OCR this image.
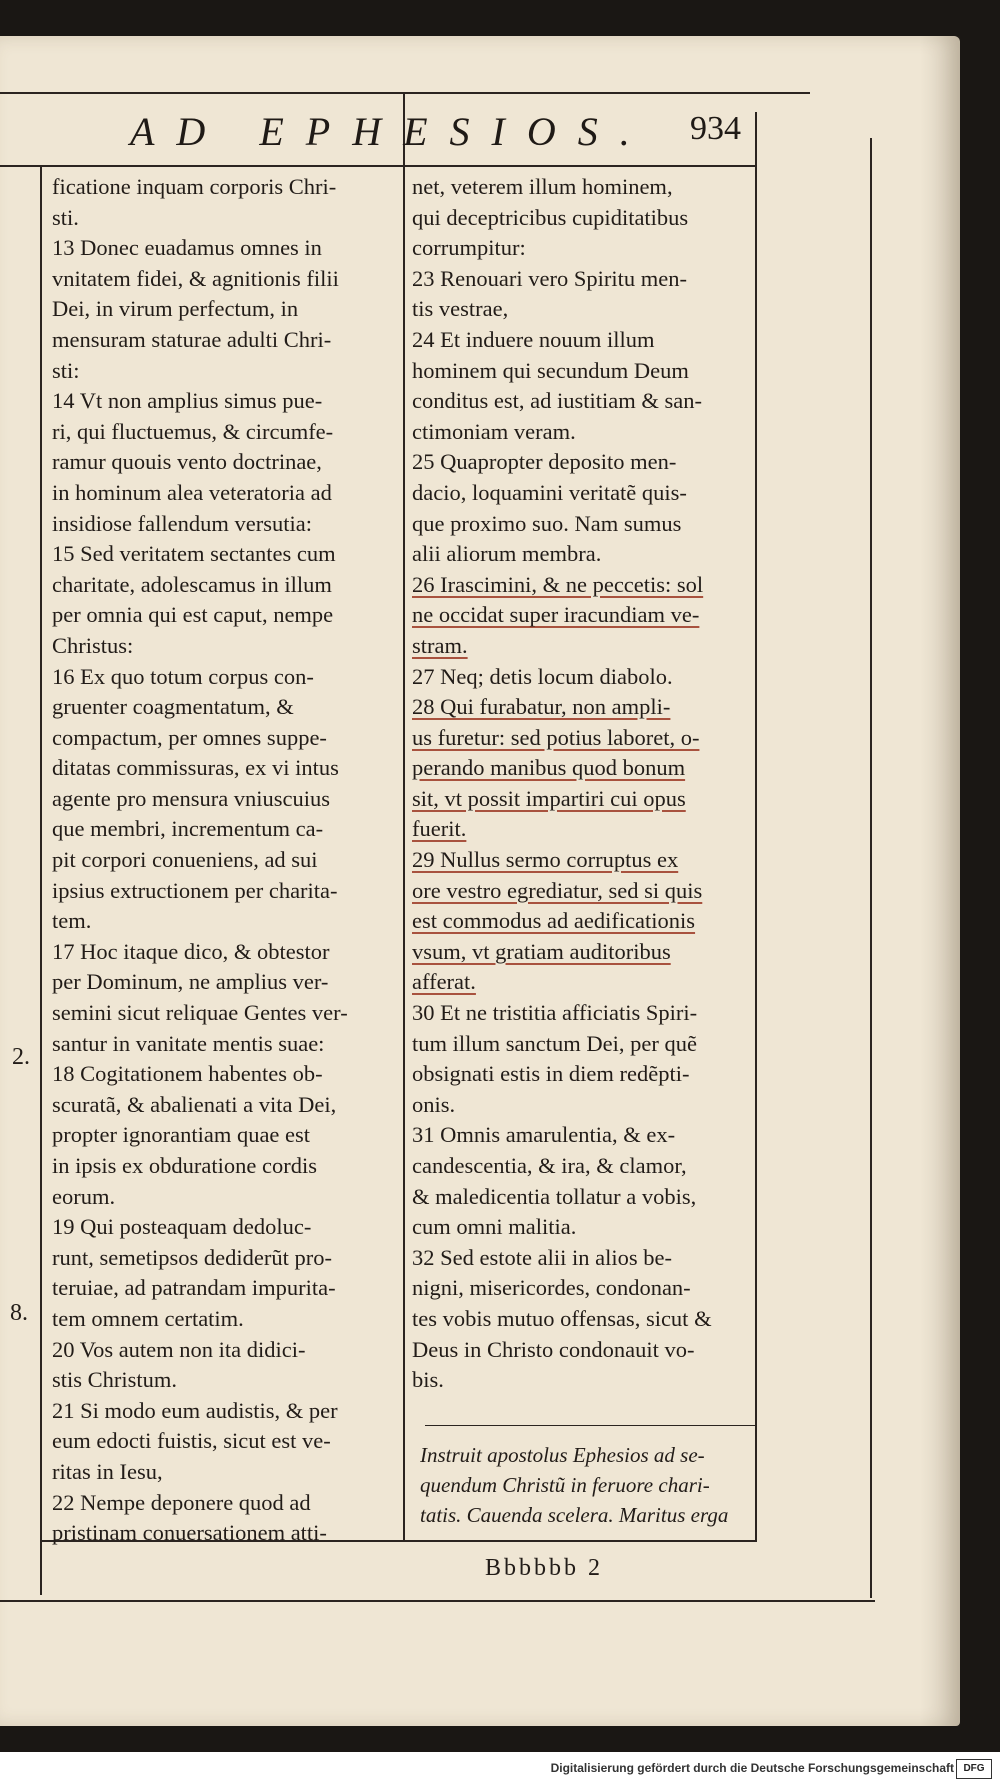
AD EPHESIOS. 934
ficatione inquam corporis Chri-
sti.
13 Donec euadamus omnes in
vnitatem fidei, & agnitionis filii
Dei, in virum perfectum, in
mensuram staturae adulti Chri-
sti:
14 Vt non amplius simus pue-
ri, qui fluctuemus, & circumfe-
ramur quouis vento doctrinae,
in hominum alea veteratoria ad
insidiose fallendum versutia:
15 Sed veritatem sectantes cum
charitate, adolescamus in illum
per omnia qui est caput, nempe
Christus:
16 Ex quo totum corpus con-
gruenter coagmentatum, &
compactum, per omnes suppe-
ditatas commissuras, ex vi intus
agente pro mensura vniuscuius
que membri, incrementum ca-
pit corpori conueniens, ad sui
ipsius extructionem per charita-
tem.
17 Hoc itaque dico, & obtestor
per Dominum, ne amplius ver-
semini sicut reliquae Gentes ver-
santur in vanitate mentis suae:
18 Cogitationem habentes ob-
scuratã, & abalienati a vita Dei,
propter ignorantiam quae est
in ipsis ex obduratione cordis
eorum.
19 Qui posteaquam dedoluc-
runt, semetipsos dediderũt pro-
teruiae, ad patrandam impurita-
tem omnem certatim.
20 Vos autem non ita didici-
stis Christum.
21 Si modo eum audistis, & per
eum edocti fuistis, sicut est ve-
ritas in Iesu,
22 Nempe deponere quod ad
pristinam conuersationem atti-
net, veterem illum hominem,
qui deceptricibus cupiditatibus
corrumpitur:
23 Renouari vero Spiritu men-
tis vestrae,
24 Et induere nouum illum
hominem qui secundum Deum
conditus est, ad iustitiam & san-
ctimoniam veram.
25 Quapropter deposito men-
dacio, loquamini veritatẽ quis-
que proximo suo. Nam sumus
alii aliorum membra.
26 Irascimini, & ne peccetis: sol
ne occidat super iracundiam ve-
stram.
27 Neq; detis locum diabolo.
28 Qui furabatur, non ampli-
us furetur: sed potius laboret, o-
perando manibus quod bonum
sit, vt possit impartiri cui opus
fuerit.
29 Nullus sermo corruptus ex
ore vestro egrediatur, sed si quis
est commodus ad aedificationis
vsum, vt gratiam auditoribus
afferat.
30 Et ne tristitia afficiatis Spiri-
tum illum sanctum Dei, per quẽ
obsignati estis in diem redẽpti-
onis.
31 Omnis amarulentia, & ex-
candescentia, & ira, & clamor,
& maledicentia tollatur a vobis,
cum omni malitia.
32 Sed estote alii in alios be-
nigni, misericordes, condonan-
tes vobis mutuo offensas, sicut &
Deus in Christo condonauit vo-
bis.
Instruit apostolus Ephesios ad se-
quendum Christũ in feruore chari-
tatis. Cauenda scelera. Maritus erga
Bbbbbb 2
2.
8.
Digitalisierung gefördert durch die Deutsche Forschungsgemeinschaft DFG
